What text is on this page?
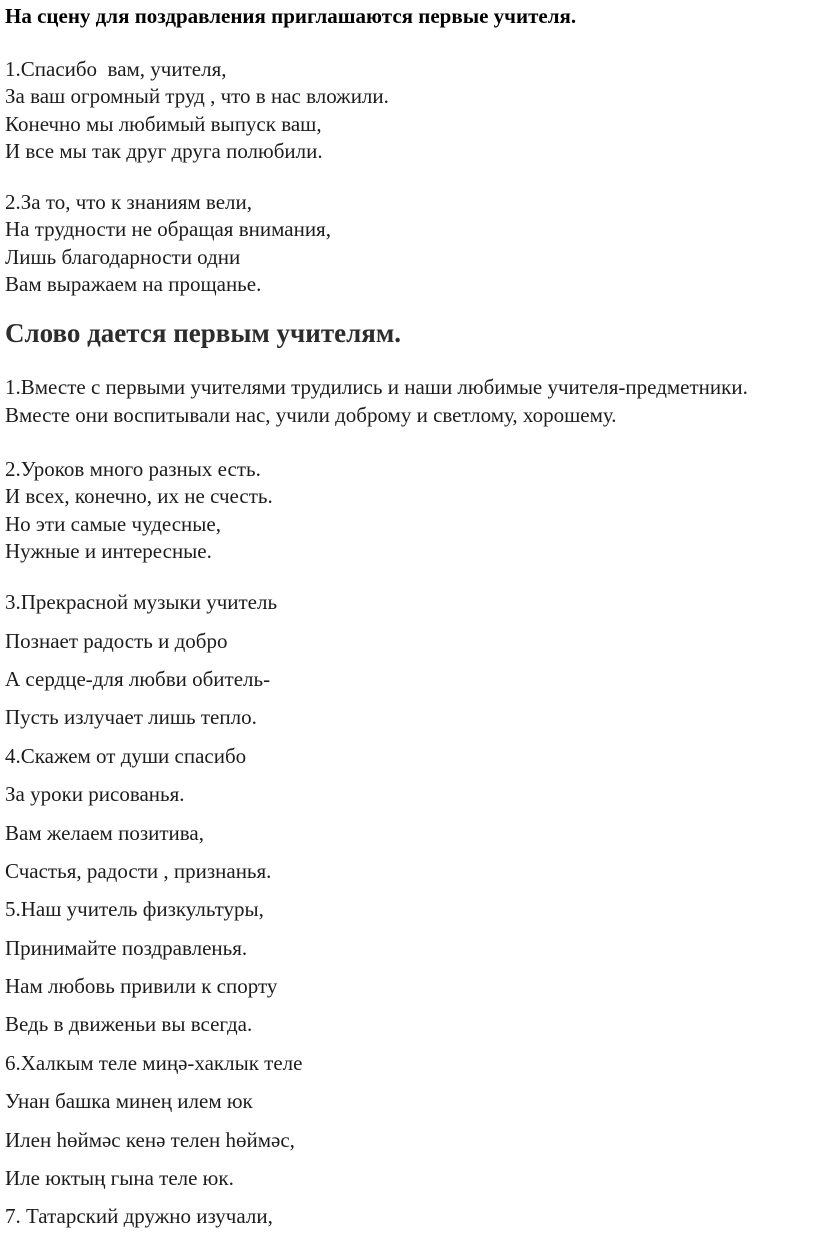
На сцену для поздравления приглашаются первые учителя.
1.Спасибо  вам, учителя,
За ваш огромный труд , что в нас вложили.
Конечно мы любимый выпуск ваш,
И все мы так друг друга полюбили.
2.За то, что к знаниям вели,
На трудности не обращая внимания,
Лишь благодарности одни
Вам выражаем на прощанье.
Слово дается первым учителям.
1.Вместе с первыми учителями трудились и наши любимые учителя-предметники.
Вместе они воспитывали нас, учили доброму и светлому, хорошему.
2.Уроков много разных есть.
И всех, конечно, их не счесть.
Но эти самые чудесные,
Нужные и интересные.
3.Прекрасной музыки учитель
Познает радость и добро
А сердце-для любви обитель-
Пусть излучает лишь тепло.
4.Скажем от души спасибо
За уроки рисованья.
Вам желаем позитива,
Счастья, радости , признанья.
5.Наш учитель физкультуры,
Принимайте поздравленья.
Нам любовь привили к спорту
Ведь в движеньи вы всегда.
6.Халкым теле миңә-хаклык теле
Унан башка минең илем юк
Илен һөймәс кенә телен һөймәс,
Иле юктың гына теле юк.
7. Татарский дружно изучали,
